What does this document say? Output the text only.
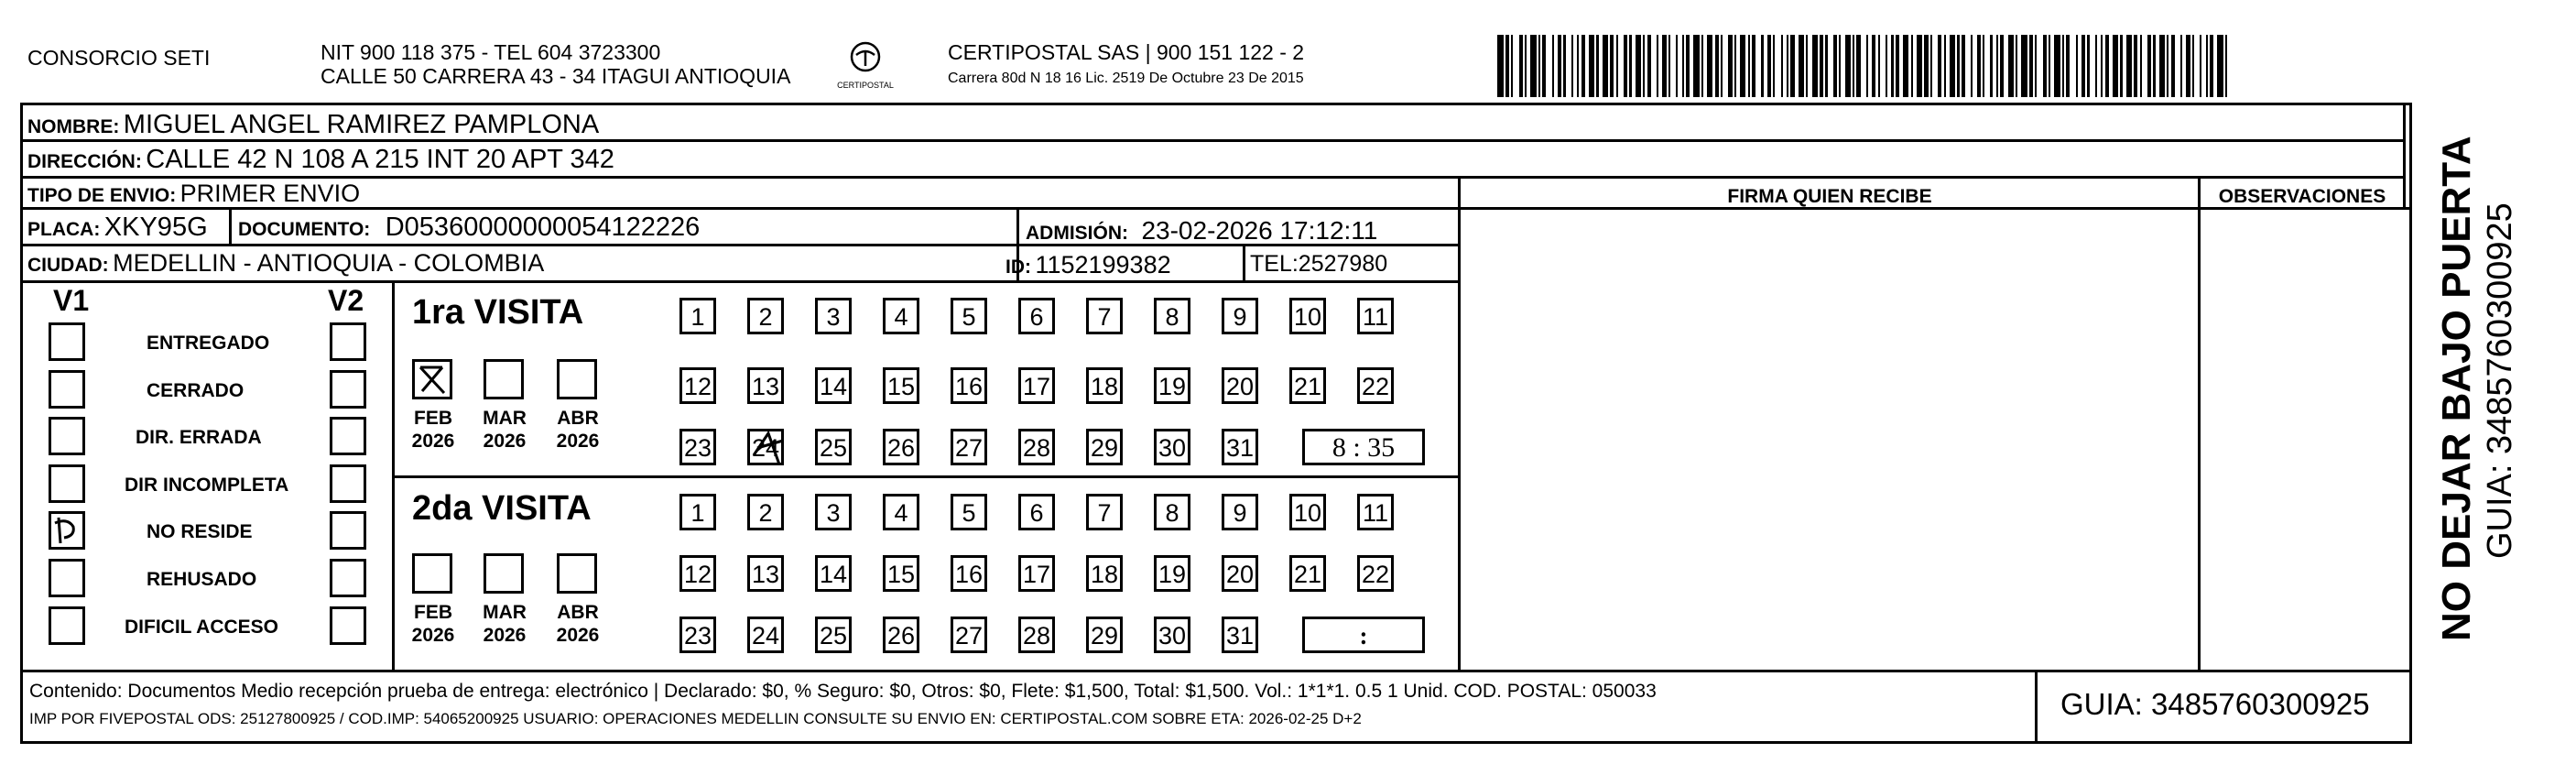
CONSORCIO SETI	NIT 900 118 375 - TEL 604 3723300
CALLE 50 CARRERA 43 - 34 ITAGUI ANTIOQUIA	CERTIPOSTAL
CERTIPOSTAL SAS | 900 151 122 - 2
Carrera 80d N 18 16 Lic. 2519 De Octubre 23 De 2015
NOMBRE: MIGUEL ANGEL RAMIREZ PAMPLONA
DIRECCIÓN: CALLE 42 N 108 A 215 INT 20 APT 342
TIPO DE ENVIO: PRIMER ENVIO
PLACA: XKY95G DOCUMENTO: D05360000000054122226	ADMISIÓN: 23-02-2026 17:12:11
CIUDAD: MEDELLIN - ANTIOQUIA - COLOMBIA	ID: 1152199382	TEL:2527980
FIRMA QUIEN RECIBE	OBSERVACIONES
V1	V2
ENTREGADO
CERRADO
DIR. ERRADA
DIR INCOMPLETA
NO RESIDE
REHUSADO
DIFICIL ACCESO
1ra VISITA
2da VISITA
FEB
2026
MAR
2026
ABR
2026
FEB
2026
MAR
2026
ABR
2026
1	2	3	4	5	6	7	8	9	10 11
12 13 14 15 16 17 18 19 20 21 22
23 24 25 26 27 28 29 30 31	8 : 35
1	2	3	4	5	6	7	8	9	10 11
12 13 14 15 16 17 18 19 20 21 22
23 24 25 26 27 28 29 30 31	:
Contenido: Documentos Medio recepción prueba de entrega: electrónico | Declarado: $0, % Seguro: $0, Otros: $0, Flete: $1,500, Total: $1,500. Vol.: 1*1*1. 0.5 1 Unid. COD. POSTAL: 050033
IMP POR FIVEPOSTAL ODS: 25127800925 / COD.IMP: 54065200925 USUARIO: OPERACIONES MEDELLIN CONSULTE SU ENVIO EN: CERTIPOSTAL.COM SOBRE ETA: 2026-02-25 D+2	GUIA: 3485760300925
NO DEJAR BAJO PUERTA GUIA: 3485760300925
